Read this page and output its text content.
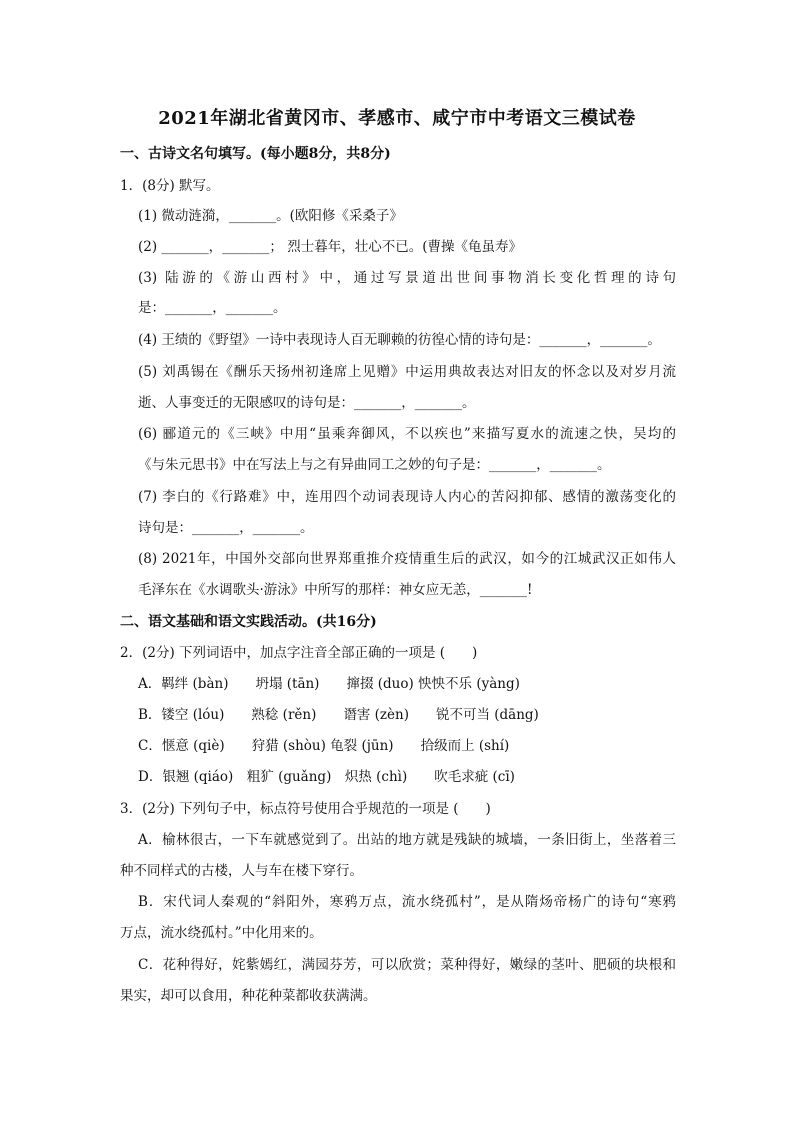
2021年湖北省黄冈市、孝感市、咸宁市中考语文三模试卷
一、古诗文名句填写。(每小题8分，共8分)
1．(8分) 默写。
(1) 微动涟漪，_______。(欧阳修《采桑子》
(2) _______，_______； 烈士暮年，壮心不已。(曹操《龟虽寿》
(3) 陆游的《游山西村》中，通过写景道出世间事物消长变化哲理的诗句
是：_______，_______。
(4) 王绩的《野望》一诗中表现诗人百无聊赖的彷徨心情的诗句是：_______，_______。
(5) 刘禹锡在《酬乐天扬州初逢席上见赠》中运用典故表达对旧友的怀念以及对岁月流
逝、人事变迁的无限感叹的诗句是：_______，_______。
(6) 郦道元的《三峡》中用“虽乘奔御风，不以疾也”来描写夏水的流速之快，吴均的
《与朱元思书》中在写法上与之有异曲同工之妙的句子是：_______，_______。
(7) 李白的《行路难》中，连用四个动词表现诗人内心的苦闷抑郁、感情的激荡变化的
诗句是：_______，_______。
(8) 2021年，中国外交部向世界郑重推介疫情重生后的武汉，如今的江城武汉正如伟人
毛泽东在《水调歌头·游泳》中所写的那样：神女应无恙，_______!
二、语文基础和语文实践活动。(共16分)
2．(2分) 下列词语中，加点字注音全部正确的一项是 (　　)
A．羁绊 (bàn)　　坍塌 (tān)　　撺掇 (duo) 怏怏不乐 (yàng)
B．镂空 (lóu)　　熟稔 (rěn)　　谮害 (zèn)　　锐不可当 (dāng)
C．惬意 (qiè)　　狩猎 (shòu) 龟裂 (jūn)　　拾级而上 (shí)
D．银翘 (qiáo)　粗犷 (guǎng)　炽热 (chì)　　吹毛求疵 (cī)
3．(2分) 下列句子中，标点符号使用合乎规范的一项是 (　　)
A．榆林很古，一下车就感觉到了。出站的地方就是残缺的城墙，一条旧街上，坐落着三
种不同样式的古楼，人与车在楼下穿行。
B．宋代词人秦观的“斜阳外，寒鸦万点，流水绕孤村”，是从隋炀帝杨广的诗句“寒鸦
万点，流水绕孤村。”中化用来的。
C．花种得好，姹紫嫣红，满园芬芳，可以欣赏；菜种得好，嫩绿的茎叶、肥硕的块根和
果实，却可以食用，种花种菜都收获满满。
